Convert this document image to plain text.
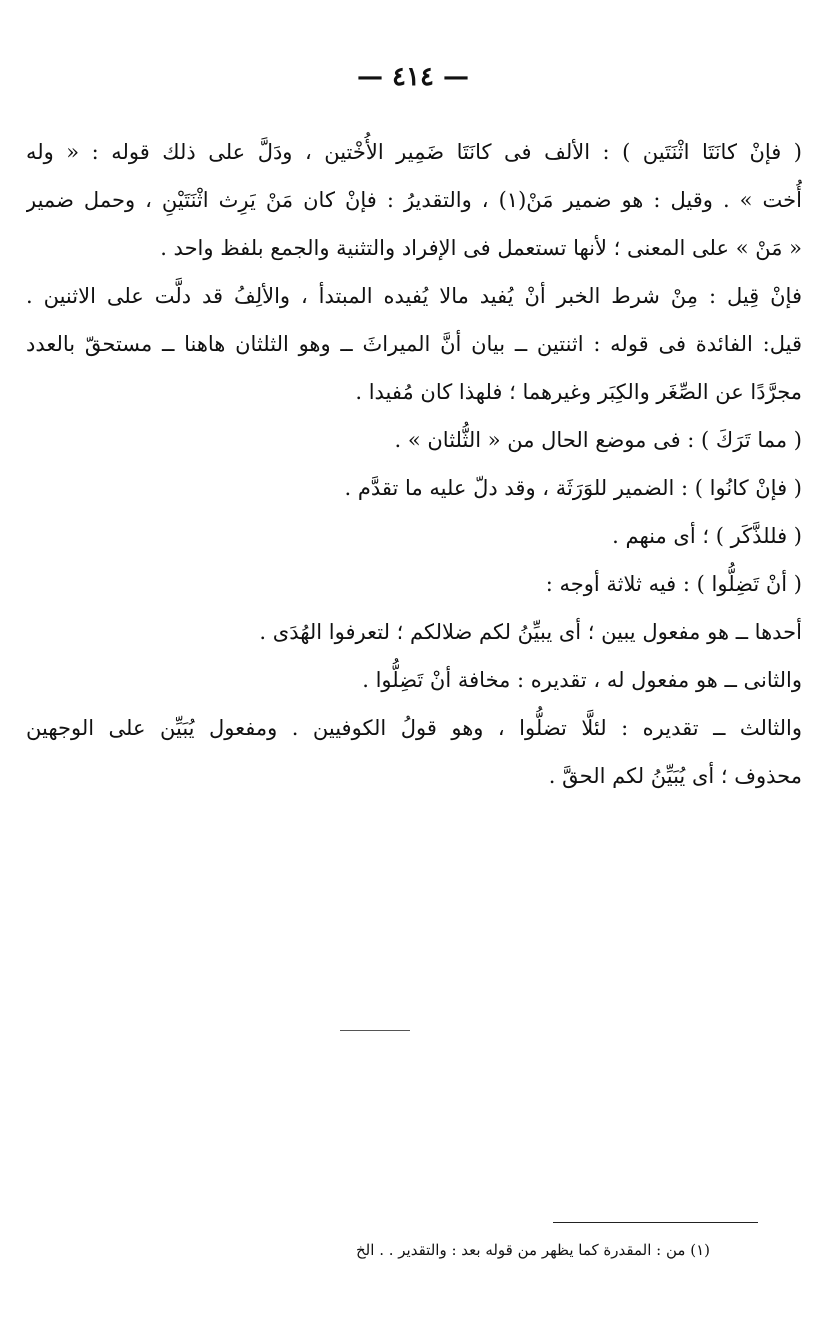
— ٤١٤ —
( فإنْ كانَتَا اثْنَتَين ) : الألف فى كانَتَا ضَمِير الأُخْتين ، ودَلَّ على ذلك قوله : « وله
أُخت » . وقيل : هو ضمير مَنْ(١) ، والتقديرُ : فإنْ كان مَنْ يَرِث اثْنَتَيْنِ ، وحمل ضمير
« مَنْ » على المعنى ؛ لأنها تستعمل فى الإفراد والتثنية والجمع بلفظ واحد .
فإنْ قِيل : مِنْ شرط الخبر أنْ يُفيد مالا يُفيده المبتدأ ، والألِفُ قد دلَّت على الاثنين .
قيل: الفائدة فى قوله : اثنتين ــ بيان أنَّ الميراثَ ــ وهو الثلثان هاهنا ــ مستحقّ بالعدد
مجرَّدًا عن الصِّغَر والكِبَر وغيرهما ؛ فلهذا كان مُفيدا .
( مما تَرَكَ ) : فى موضع الحال من « الثُّلثان » .
( فإنْ كانُوا ) : الضمير للوَرَثَة ، وقد دلّ عليه ما تقدَّم .
( فللذَّكَر ) ؛ أى منهم .
( أنْ تَضِلُّوا ) : فيه ثلاثة أوجه :
أحدها ــ هو مفعول يبين ؛ أى يبيِّنُ لكم ضلالكم ؛ لتعرفوا الهُدَى .
والثانى ــ هو مفعول له ، تقديره : مخافة أنْ تَضِلُّوا .
والثالث ــ تقديره : لئلَّا تضلُّوا ، وهو قولُ الكوفيين . ومفعول يُبَيِّن على الوجهين
محذوف ؛ أى يُبَيِّنُ لكم الحقَّ .
(١) من : المقدرة كما يظهر من قوله بعد : والتقدير . . الخ
